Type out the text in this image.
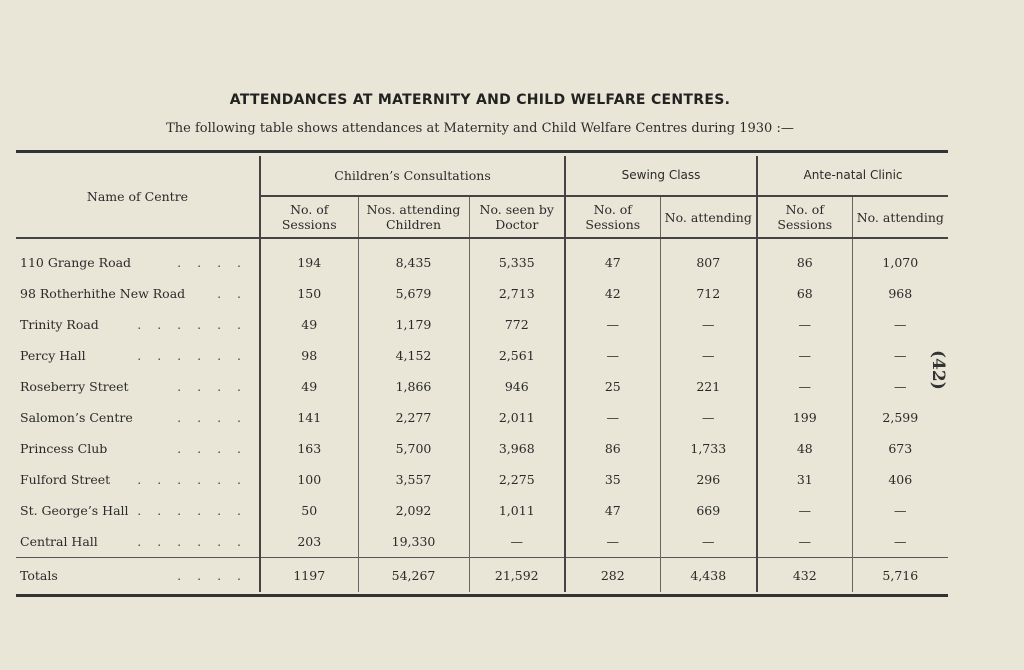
ATTENDANCES AT MATERNITY AND CHILD WELFARE CENTRES.
The following table shows attendances at Maternity and Child Welfare Centres during 1930 :—
(42)
Name of Centre	Children’s Consultations			Sewing Class		Ante-natal Clinic	
	No. of Sessions	Nos. attending Children	No. seen by Doctor	No. of Sessions	No. attending	No. of Sessions	No. attending
110 Grange Road . . . .	194	8,435	5,335	47	807	86	1,070
98 Rotherhithe New Road . .	150	5,679	2,713	42	712	68	968
Trinity Road . . . . . .	49	1,179	772	—	—	—	—
Percy Hall . . . . . .	98	4,152	2,561	—	—	—	—
Roseberry Street . . . .	49	1,866	946	25	221	—	—
Salomon’s Centre . . . .	141	2,277	2,011	—	—	199	2,599
Princess Club . . . .	163	5,700	3,968	86	1,733	48	673
Fulford Street . . . . . .	100	3,557	2,275	35	296	31	406
St. George’s Hall . . . . . .	50	2,092	1,011	47	669	—	—
Central Hall . . . . . .	203	19,330	—	—	—	—	—
Totals . . . .	1197	54,267	21,592	282	4,438	432	5,716
